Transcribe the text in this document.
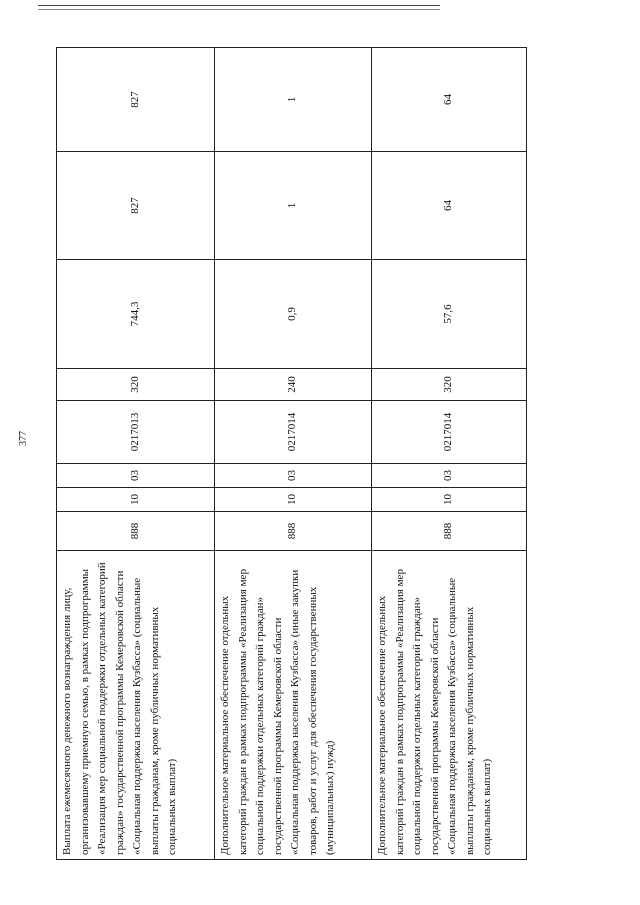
377
Выплата ежемесячного денежного вознаграждения лицу, организовавшему приемную семью, в рамках подпрограммы «Реализация мер социальной поддержки отдельных категорий граждан» государственной программы Кемеровской области «Социальная поддержка населения Кузбасса» (социальные выплаты гражданам, кроме публичных нормативных социальных выплат)	888	10	03	0217013	320	744,3	827	827
Дополнительное материальное обеспечение отдельных категорий граждан в рамках подпрограммы «Реализация мер социальной поддержки отдельных категорий граждан» государственной программы Кемеровской области «Социальная поддержка населения Кузбасса» (иные закупки товаров, работ и услуг для обеспечения государственных (муниципальных) нужд)	888	10	03	0217014	240	0,9	1	1
Дополнительное материальное обеспечение отдельных категорий граждан в рамках подпрограммы «Реализация мер социальной поддержки отдельных категорий граждан» государственной программы Кемеровской области «Социальная поддержка населения Кузбасса» (социальные выплаты гражданам, кроме публичных нормативных социальных выплат)	888	10	03	0217014	320	57,6	64	64
